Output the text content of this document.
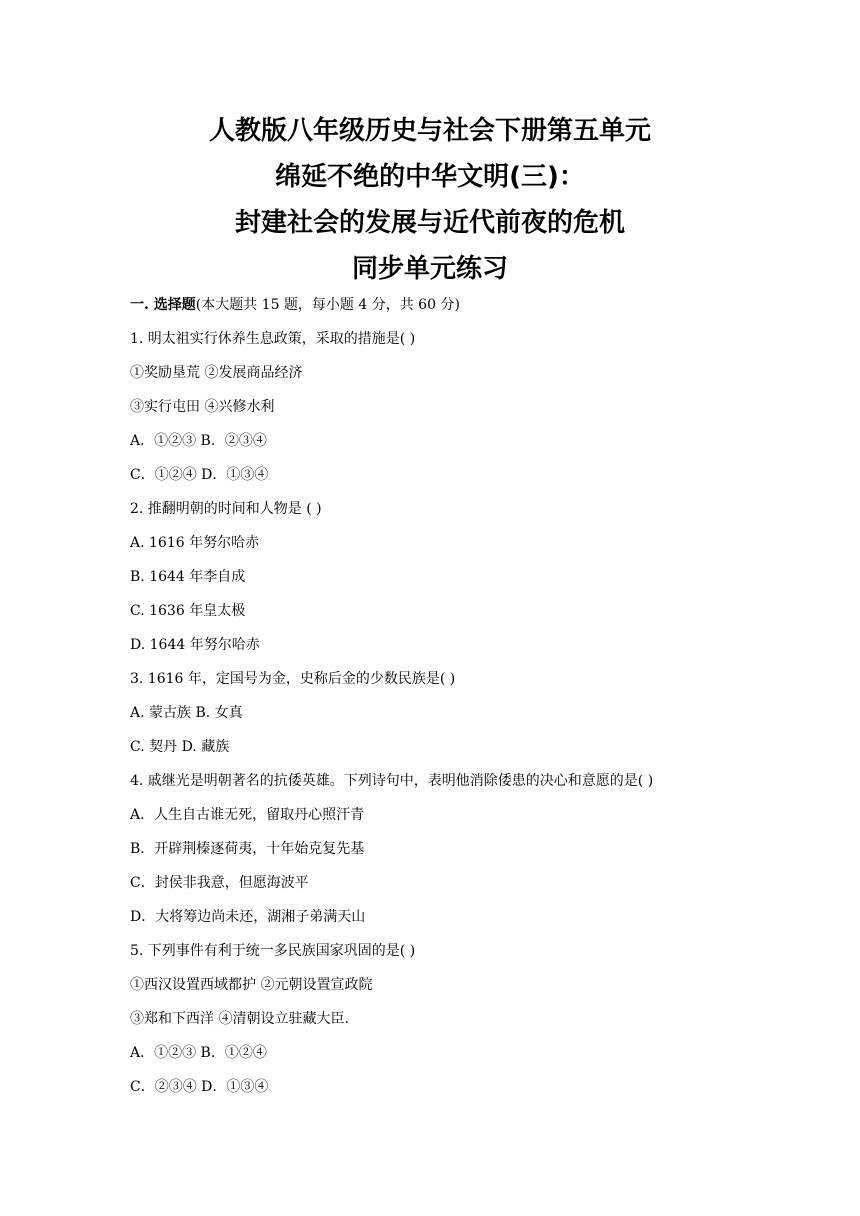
人教版八年级历史与社会下册第五单元
绵延不绝的中华文明(三)：
封建社会的发展与近代前夜的危机
同步单元练习
一. 选择题(本大题共 15 题，每小题 4 分，共 60 分)
1. 明太祖实行休养生息政策，采取的措施是( )
①奖励垦荒 ②发展商品经济
③实行屯田 ④兴修水利
A．①②③ B．②③④
C．①②④ D．①③④
2. 推翻明朝的时间和人物是 ( )
A. 1616 年努尔哈赤
B. 1644 年李自成
C. 1636 年皇太极
D. 1644 年努尔哈赤
3. 1616 年，定国号为金，史称后金的少数民族是( )
A. 蒙古族 B. 女真
C. 契丹 D. 藏族
4. 戚继光是明朝著名的抗倭英雄。下列诗句中，表明他消除倭患的决心和意愿的是( )
A．人生自古谁无死，留取丹心照汗青
B．开辟荆榛逐荷夷，十年始克复先基
C．封侯非我意，但愿海波平
D．大将筹边尚未还，湖湘子弟满天山
5. 下列事件有利于统一多民族国家巩固的是( )
①西汉设置西域都护 ②元朝设置宣政院
③郑和下西洋 ④清朝设立驻藏大臣.
A．①②③ B．①②④
C．②③④ D．①③④
